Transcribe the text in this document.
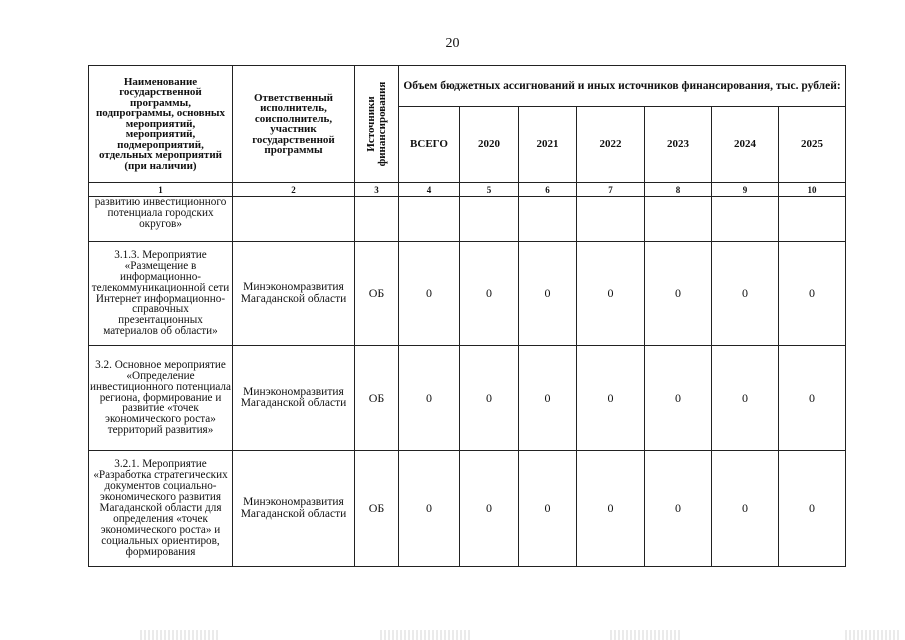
20
Наименование государственной программы, подпрограммы, основных мероприятий, мероприятий, подмероприятий, отдельных мероприятий (при наличии)	Ответственный исполнитель, соисполнитель, участник государственной программы	Источники финансирования	Объем бюджетных ассигнований и иных источников финансирования, тыс. рублей:						
			ВСЕГО	2020	2021	2022	2023	2024	2025
1	2	3	4	5	6	7	8	9	10
развитию инвестиционного потенциала городских округов»									
3.1.3. Мероприятие «Размещение в информационно-телекоммуникационной сети Интернет информационно-справочных презентационных материалов об области»	Минэкономразвития Магаданской области	ОБ	0	0	0	0	0	0	0
3.2. Основное мероприятие «Определение инвестиционного потенциала региона, формирование и развитие «точек экономического роста» территорий развития»	Минэкономразвития Магаданской области	ОБ	0	0	0	0	0	0	0
3.2.1. Мероприятие «Разработка стратегических документов социально-экономического развития Магаданской области для определения «точек экономического роста» и социальных ориентиров, формирования	Минэкономразвития Магаданской области	ОБ	0	0	0	0	0	0	0
